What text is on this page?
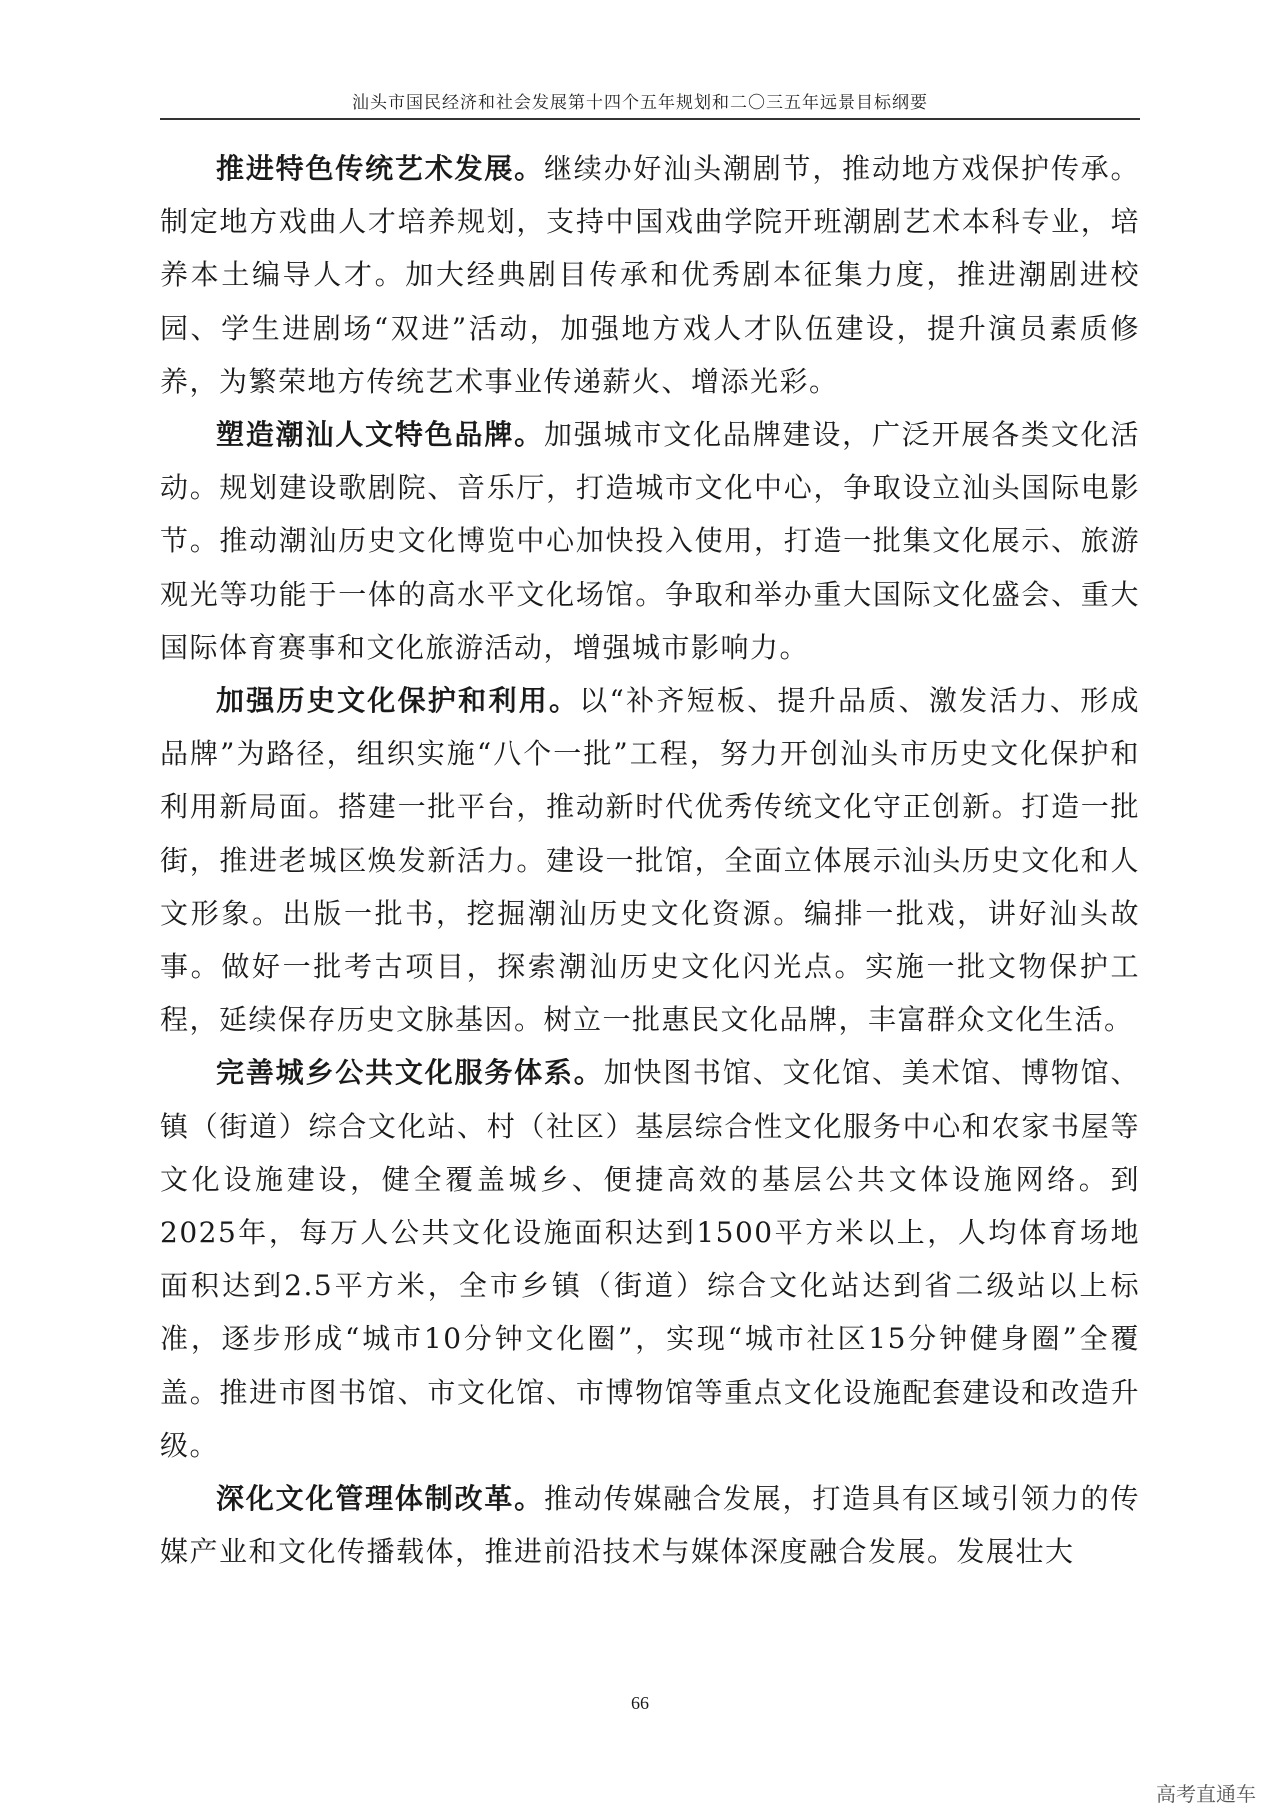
汕头市国民经济和社会发展第十四个五年规划和二〇三五年远景目标纲要

推进特色传统艺术发展。继续办好汕头潮剧节，推动地方戏保护传承。制定地方戏曲人才培养规划，支持中国戏曲学院开班潮剧艺术本科专业，培养本土编导人才。加大经典剧目传承和优秀剧本征集力度，推进潮剧进校园、学生进剧场“双进”活动，加强地方戏人才队伍建设，提升演员素质修养，为繁荣地方传统艺术事业传递薪火、增添光彩。

塑造潮汕人文特色品牌。加强城市文化品牌建设，广泛开展各类文化活动。规划建设歌剧院、音乐厅，打造城市文化中心，争取设立汕头国际电影节。推动潮汕历史文化博览中心加快投入使用，打造一批集文化展示、旅游观光等功能于一体的高水平文化场馆。争取和举办重大国际文化盛会、重大国际体育赛事和文化旅游活动，增强城市影响力。

加强历史文化保护和利用。以“补齐短板、提升品质、激发活力、形成品牌”为路径，组织实施“八个一批”工程，努力开创汕头市历史文化保护和利用新局面。搭建一批平台，推动新时代优秀传统文化守正创新。打造一批街，推进老城区焕发新活力。建设一批馆，全面立体展示汕头历史文化和人文形象。出版一批书，挖掘潮汕历史文化资源。编排一批戏，讲好汕头故事。做好一批考古项目，探索潮汕历史文化闪光点。实施一批文物保护工程，延续保存历史文脉基因。树立一批惠民文化品牌，丰富群众文化生活。

完善城乡公共文化服务体系。加快图书馆、文化馆、美术馆、博物馆、镇（街道）综合文化站、村（社区）基层综合性文化服务中心和农家书屋等文化设施建设，健全覆盖城乡、便捷高效的基层公共文体设施网络。到2025年，每万人公共文化设施面积达到1500平方米以上，人均体育场地面积达到2.5平方米，全市乡镇（街道）综合文化站达到省二级站以上标准，逐步形成“城市10分钟文化圈”，实现“城市社区15分钟健身圈”全覆盖。推进市图书馆、市文化馆、市博物馆等重点文化设施配套建设和改造升级。

深化文化管理体制改革。推动传媒融合发展，打造具有区域引领力的传媒产业和文化传播载体，推进前沿技术与媒体深度融合发展。发展壮大

66
高考直通车
